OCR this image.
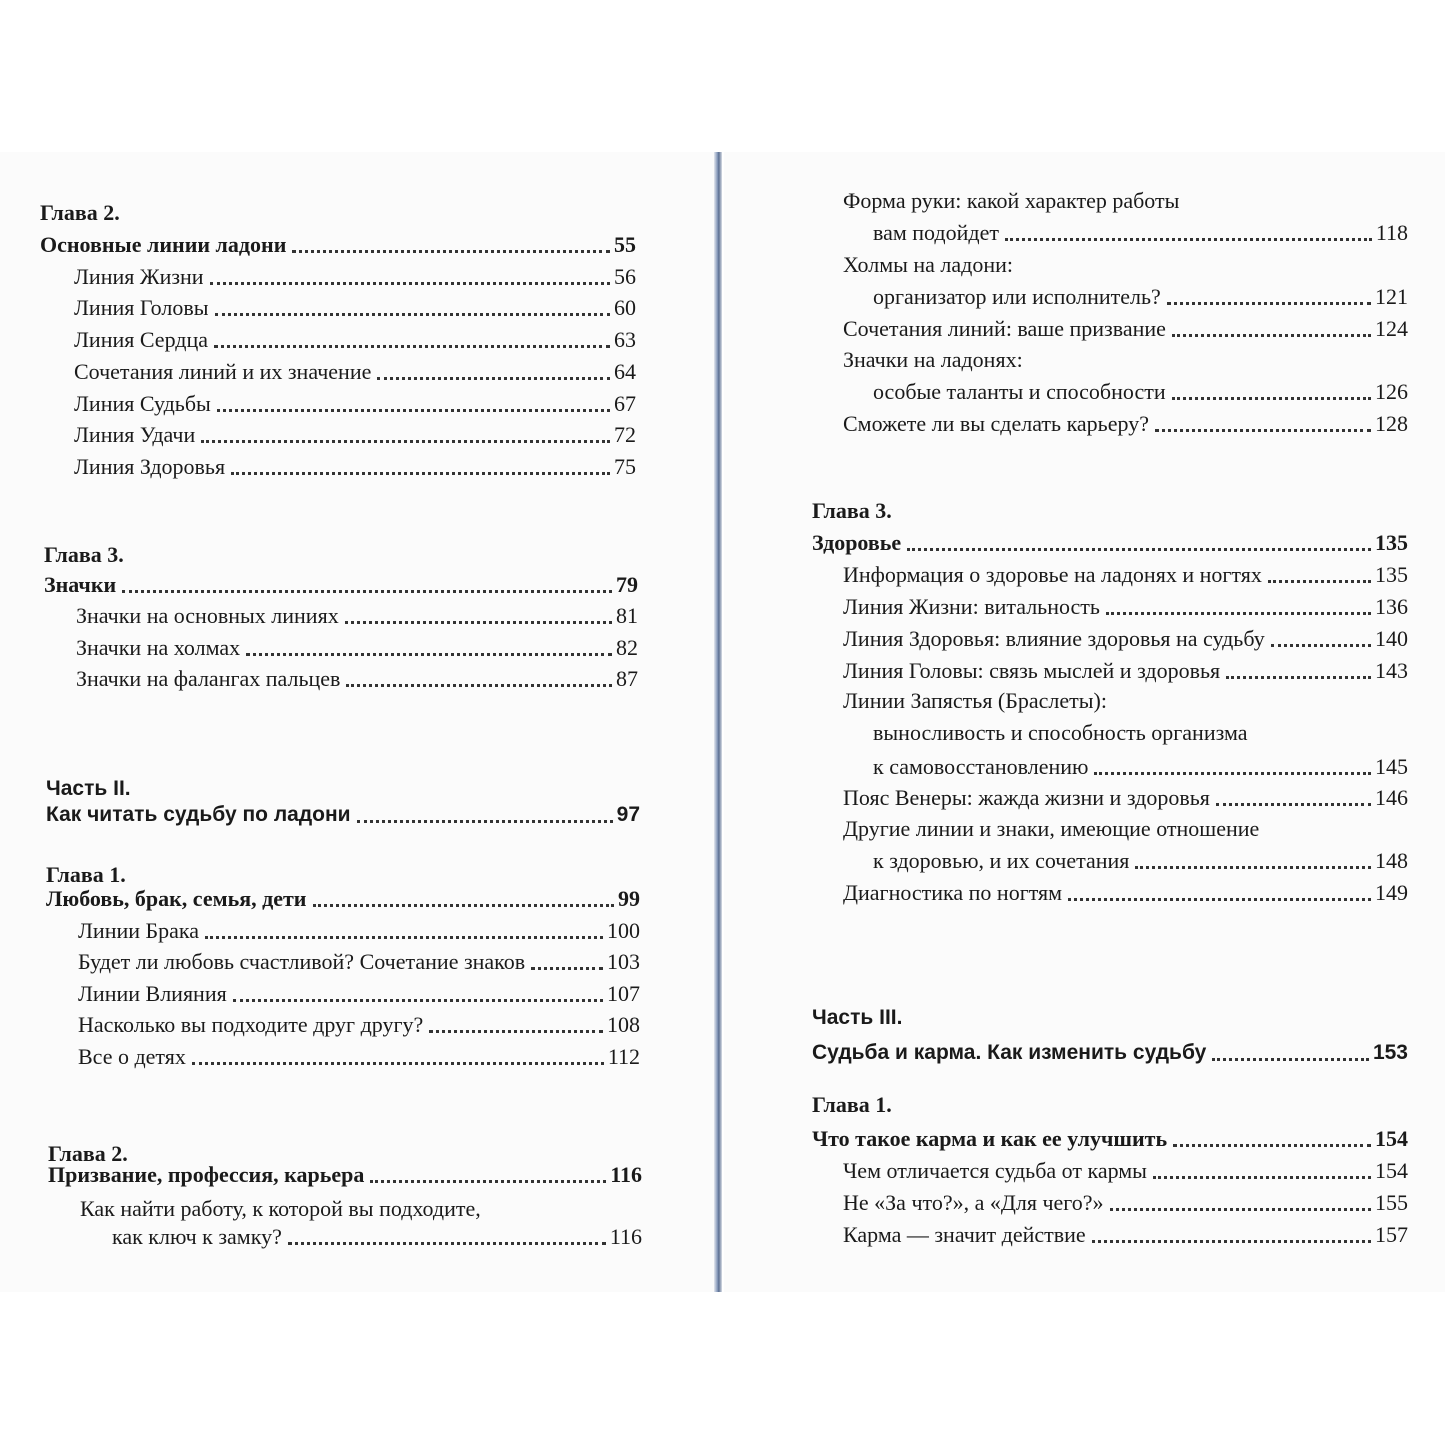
Глава 2.
Основные линии ладони	55
Линия Жизни	56
Линия Головы	60
Линия Сердца	63
Сочетания линий и их значение	64
Линия Судьбы	67
Линия Удачи	72
Линия Здоровья	75
Глава 3.
Значки	79
Значки на основных линиях	81
Значки на холмах	82
Значки на фалангах пальцев	87
Часть II.
Как читать судьбу по ладони	97
Глава 1.
Любовь, брак, семья, дети	99
Линии Брака	100
Будет ли любовь счастливой? Сочетание знаков	103
Линии Влияния	107
Насколько вы подходите друг другу?	108
Все о детях	112
Глава 2.
Призвание, профессия, карьера	116
Как найти работу, к которой вы подходите,
как ключ к замку?	116
Форма руки: какой характер работы
вам подойдет	118
Холмы на ладони:
организатор или исполнитель?	121
Сочетания линий: ваше призвание	124
Значки на ладонях:
особые таланты и способности	126
Сможете ли вы сделать карьеру?	128
Глава 3.
Здоровье	135
Информация о здоровье на ладонях и ногтях	135
Линия Жизни: витальность	136
Линия Здоровья: влияние здоровья на судьбу	140
Линия Головы: связь мыслей и здоровья	143
Линии Запястья (Браслеты):
выносливость и способность организма
к самовосстановлению	145
Пояс Венеры: жажда жизни и здоровья	146
Другие линии и знаки, имеющие отношение
к здоровью, и их сочетания	148
Диагностика по ногтям	149
Часть III.
Судьба и карма. Как изменить судьбу	153
Глава 1.
Что такое карма и как ее улучшить	154
Чем отличается судьба от кармы	154
Не «За что?», а «Для чего?»	155
Карма — значит действие	157
